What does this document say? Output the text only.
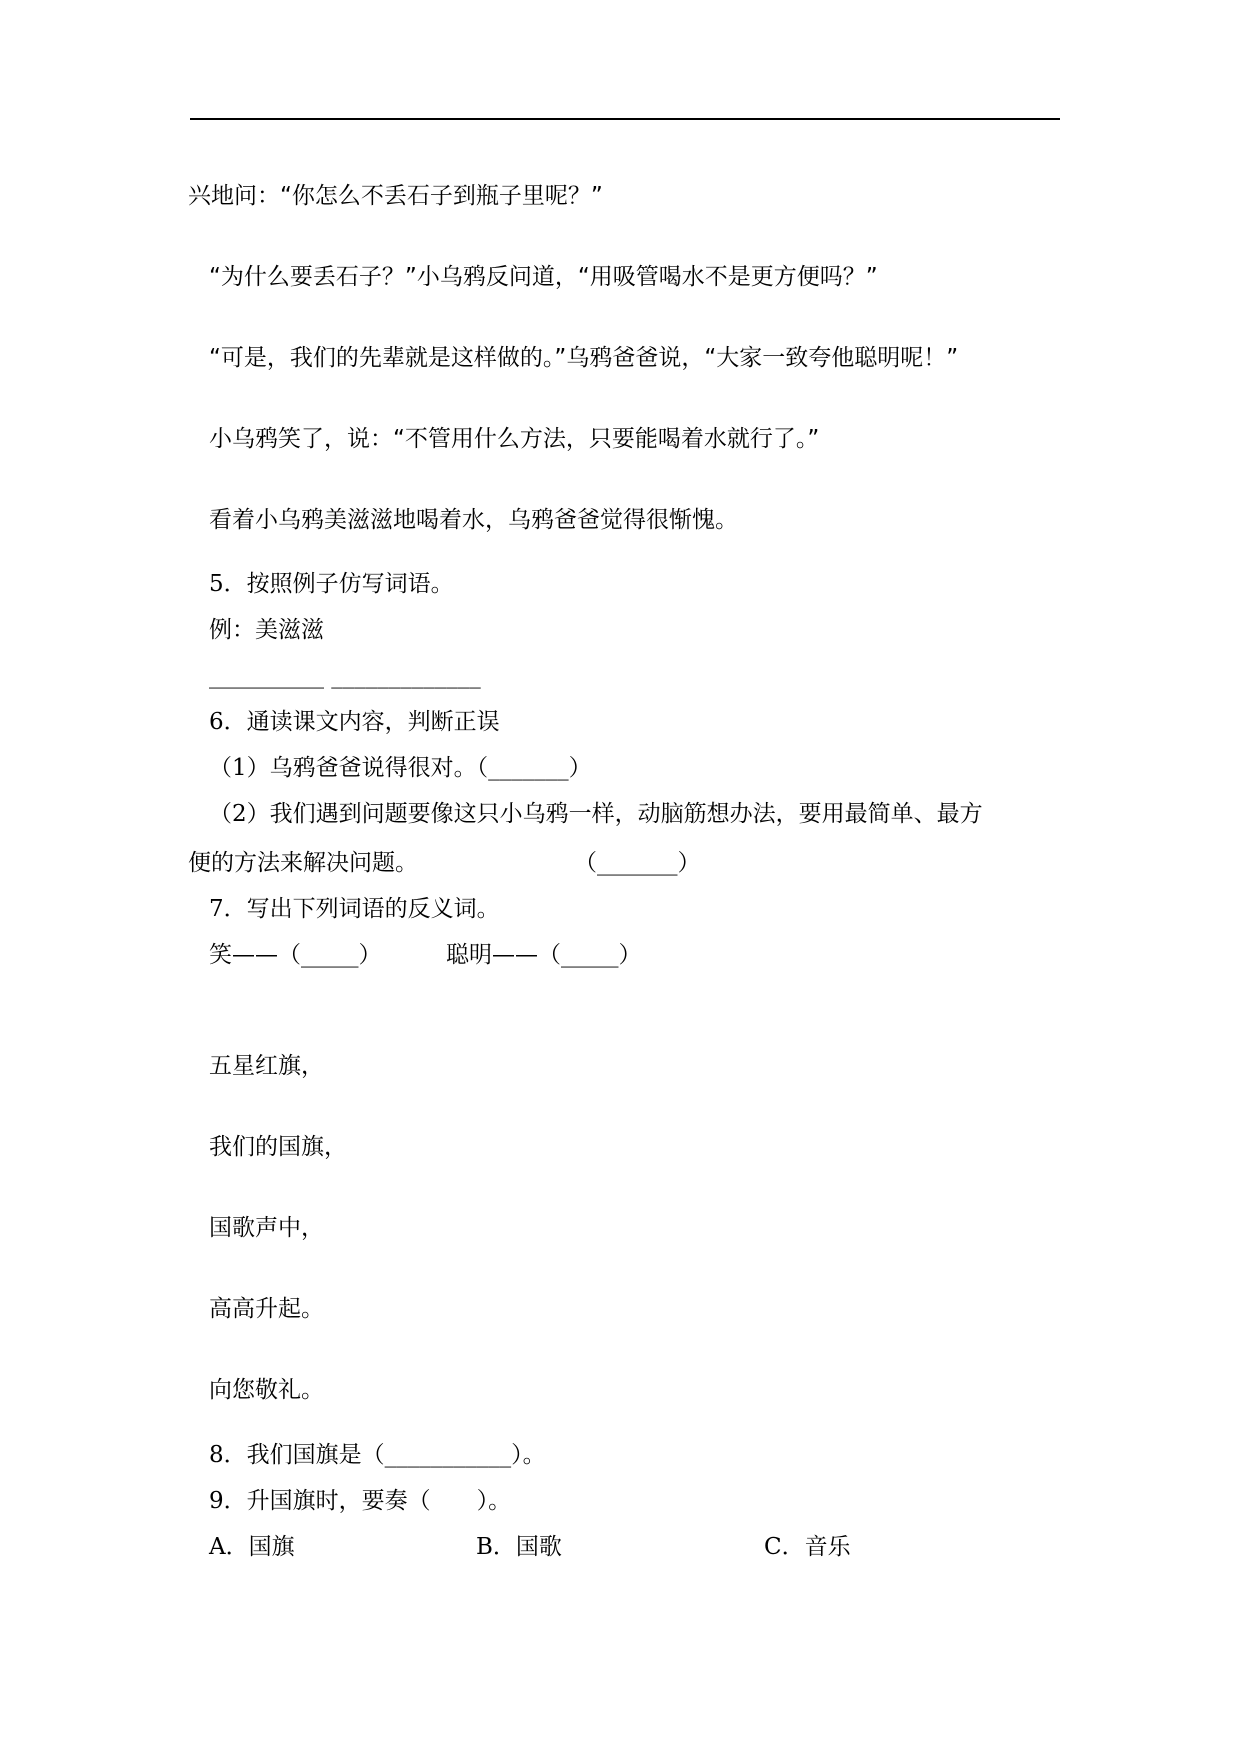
兴地问：“你怎么不丢石子到瓶子里呢？”
“为什么要丢石子？”小乌鸦反问道，“用吸管喝水不是更方便吗？”
“可是，我们的先辈就是这样做的。”乌鸦爸爸说，“大家一致夸他聪明呢！”
小乌鸦笑了，说：“不管用什么方法，只要能喝着水就行了。”
看着小乌鸦美滋滋地喝着水，乌鸦爸爸觉得很惭愧。
5．按照例子仿写词语。
例：美滋滋
__________ _____________
6．通读课文内容，判断正误
（1）乌鸦爸爸说得很对。（_______）
（2）我们遇到问题要像这只小乌鸦一样，动脑筋想办法，要用最简单、最方
便的方法来解决问题。	（_______）
7．写出下列词语的反义词。
笑——（_____）	聪明——（_____）
五星红旗，
我们的国旗，
国歌声中，
高高升起。
向您敬礼。
8．我们国旗是（___________）。
9．升国旗时，要奏（　　）。
A．国旗	B．国歌	C．音乐
